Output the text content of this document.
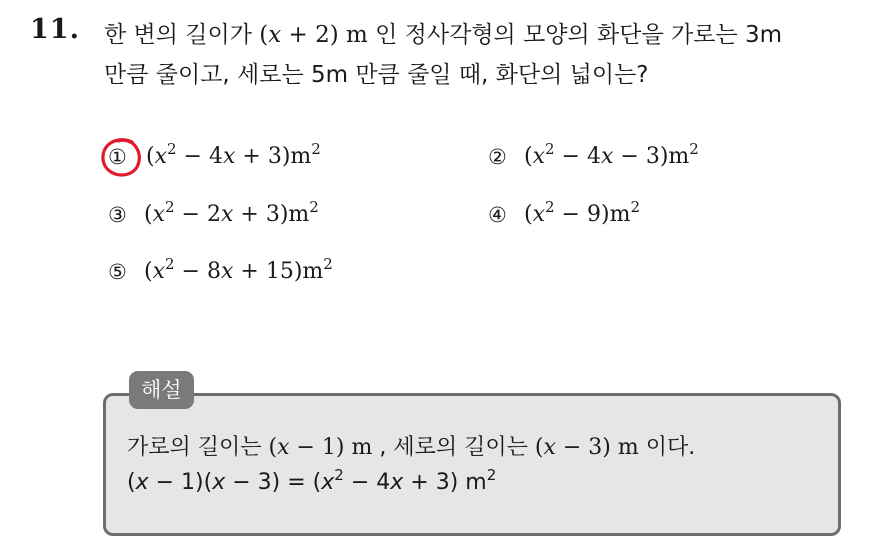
11. 한 변의 길이가 (x + 2) m 인 정사각형의 모양의 화단을 가로는 3m
만큼 줄이고, 세로는 5m 만큼 줄일 때, 화단의 넓이는?
① $(x^2 - 4x + 3)m^2$	② $(x^2 - 4x - 3)m^2$
③ $(x^2 - 2x + 3)m^2$	④ $(x^2 - 9)m^2$
⑤ $(x^2 - 8x + 15)m^2$
해설
가로의 길이는 (x − 1) m , 세로의 길이는 (x − 3) m 이다.
$(x - 1)(x - 3) = (x^2 - 4x + 3)$ $m^2$
